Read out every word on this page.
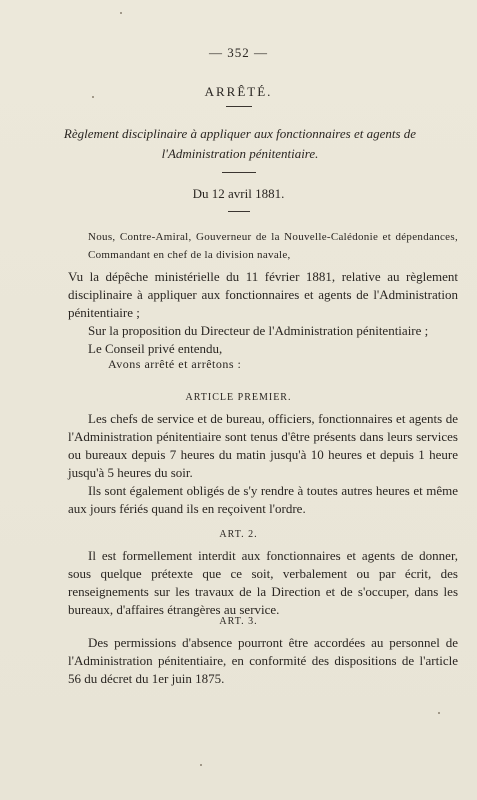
— 352 —
ARRÊTÉ.
Règlement disciplinaire à appliquer aux fonctionnaires et agents de l'Administration pénitentiaire.
Du 12 avril 1881.
Nous, Contre-Amiral, Gouverneur de la Nouvelle-Calédonie et dépendances, Commandant en chef de la division navale,
Vu la dépêche ministérielle du 11 février 1881, relative au règlement disciplinaire à appliquer aux fonctionnaires et agents de l'Administration pénitentiaire ;
Sur la proposition du Directeur de l'Administration pénitentiaire ;
Le Conseil privé entendu,
Avons arrêté et arrêtons :
ARTICLE PREMIER.
Les chefs de service et de bureau, officiers, fonctionnaires et agents de l'Administration pénitentiaire sont tenus d'être présents dans leurs services ou bureaux depuis 7 heures du matin jusqu'à 10 heures et depuis 1 heure jusqu'à 5 heures du soir.
Ils sont également obligés de s'y rendre à toutes autres heures et même aux jours fériés quand ils en reçoivent l'ordre.
ART. 2.
Il est formellement interdit aux fonctionnaires et agents de donner, sous quelque prétexte que ce soit, verbalement ou par écrit, des renseignements sur les travaux de la Direction et de s'occuper, dans les bureaux, d'affaires étrangères au service.
ART. 3.
Des permissions d'absence pourront être accordées au personnel de l'Administration pénitentiaire, en conformité des dispositions de l'article 56 du décret du 1er juin 1875.
